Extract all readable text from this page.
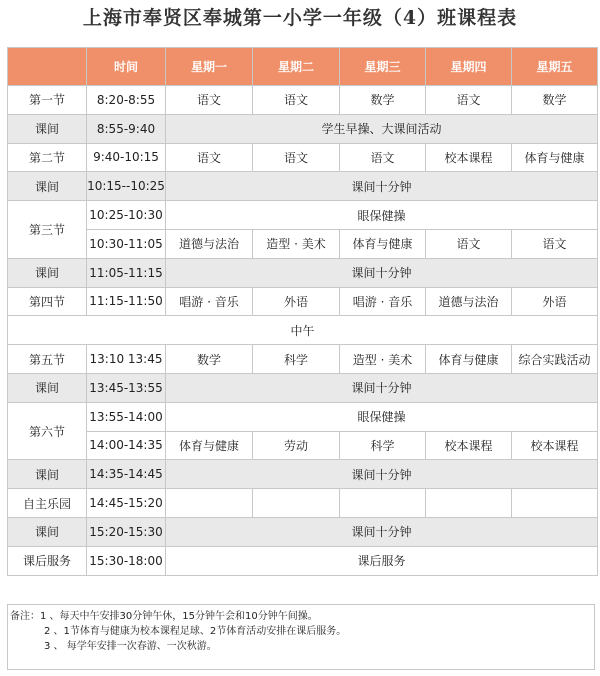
上海市奉贤区奉城第一小学一年级（4）班课程表
	时间	星期一	星期二	星期三	星期四	星期五
第一节	8:20-8:55	语文	语文	数学	语文	数学
课间	8:55-9:40	学生早操、大课间活动				
第二节	9:40-10:15	语文	语文	语文	校本课程	体育与健康
课间	10:15--10:25	课间十分钟				
第三节	10:25-10:30	眼保健操				
	10:30-11:05	道德与法治	造型 · 美术	体育与健康	语文	语文
课间	11:05-11:15	课间十分钟				
第四节	11:15-11:50	唱游 · 音乐	外语	唱游 · 音乐	道德与法治	外语
中午						
第五节	13:10 13:45	数学	科学	造型 · 美术	体育与健康	综合实践活动
课间	13:45-13:55	课间十分钟				
第六节	13:55-14:00	眼保健操				
	14:00-14:35	体育与健康	劳动	科学	校本课程	校本课程
课间	14:35-14:45	课间十分钟				
自主乐园	14:45-15:20					
课间	15:20-15:30	课间十分钟				
课后服务	15:30-18:00	课后服务				
备注：1 、每天中午安排30分钟午休，15分钟午会和10分钟午间操。
2 、1节体育与健康为校本课程足球、2节体育活动安排在课后服务。
3 、 每学年安排一次春游、一次秋游。
